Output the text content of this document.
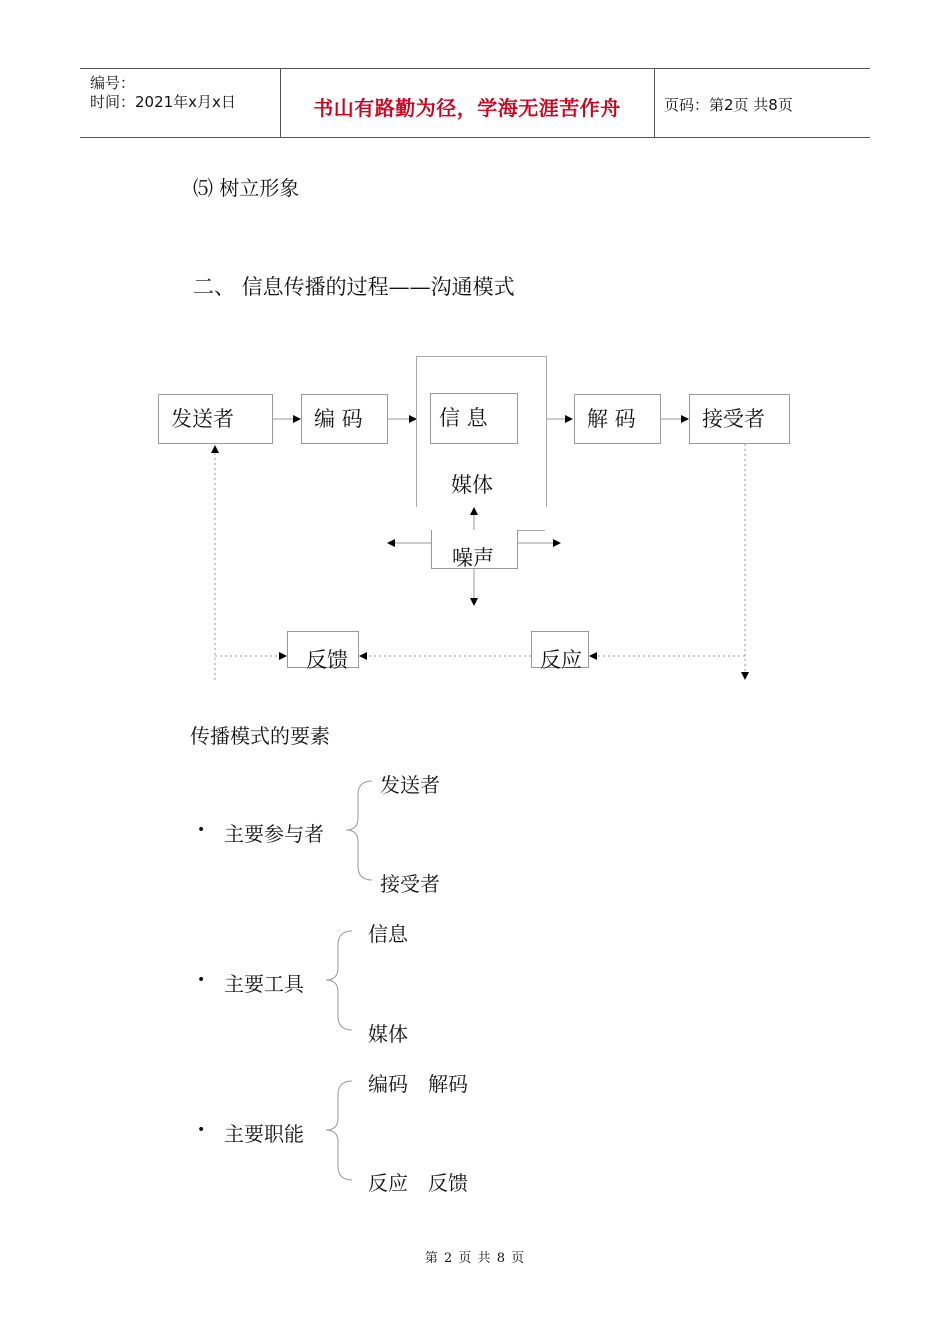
编号：
时间：2021年x月x日	书山有路勤为径，学海无涯苦作舟	页码：第2页 共8页
⑸ 树立形象
二、 信息传播的过程——沟通模式
发送者	编 码	信 息
媒体
解 码	接受者
噪声
反馈	反应
传播模式的要素
• 主要参与者
发送者
接受者
• 主要工具
信息
媒体
• 主要职能
编码　解码
反应　反馈
第 2 页 共 8 页
